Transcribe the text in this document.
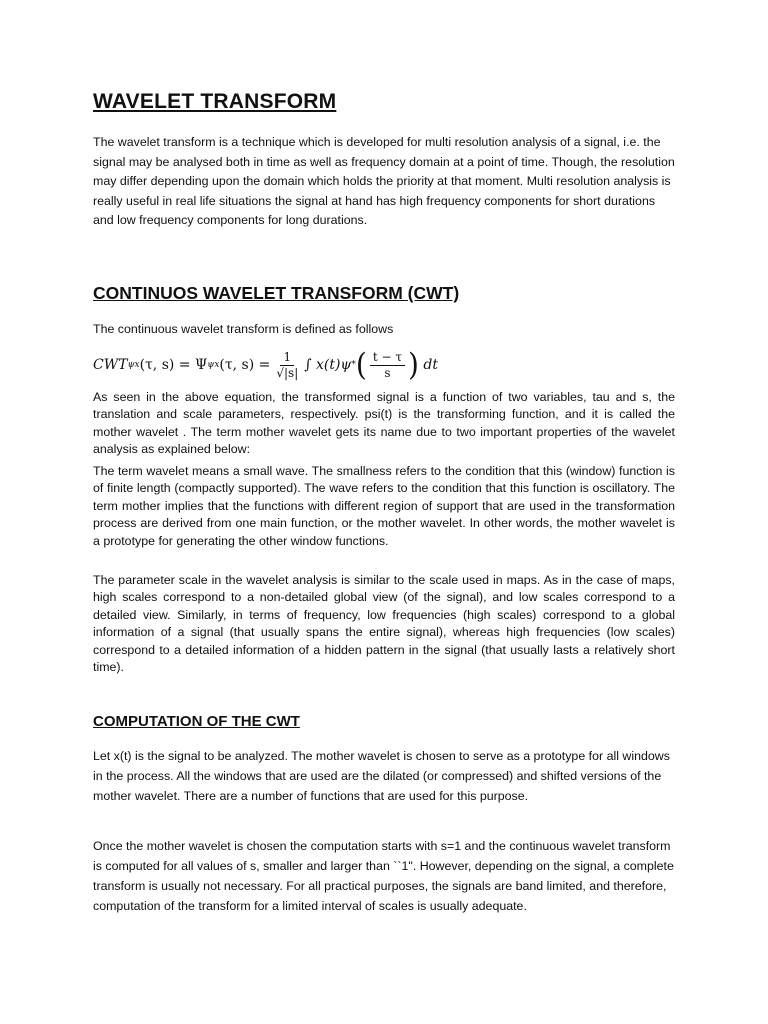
WAVELET TRANSFORM

The wavelet transform is a technique which is developed for multi resolution analysis of a signal, i.e. the signal may be analysed both in time as well as frequency domain at a point of time. Though, the resolution may differ depending upon the domain which holds the priority at that moment. Multi resolution analysis is really useful in real life situations the signal at hand has high frequency components for short durations and low frequency components for long durations.

CONTINUOS WAVELET TRANSFORM (CWT)

The continuous wavelet transform is defined as follows

CWT ψ x (τ, s) = Ψ ψ x (τ, $s) = \frac{1}{√|s|}$ ∫ x(t)ψ * ( $\frac{t - \tau}{s}$ )
dt

As seen in the above equation, the transformed signal is a function of two variables, tau and s, the translation and scale parameters, respectively. psi(t) is the transforming function, and it is called the mother wavelet . The term mother wavelet gets its name due to two important properties of the wavelet analysis as explained below:

The term wavelet means a small wave. The smallness refers to the condition that this (window) function is of finite length (compactly supported). The wave refers to the condition that this function is oscillatory. The term mother implies that the functions with different region of support that are used in the transformation process are derived from one main function, or the mother wavelet. In other words, the mother wavelet is a prototype for generating the other window functions.

The parameter scale in the wavelet analysis is similar to the scale used in maps. As in the case of maps, high scales correspond to a non-detailed global view (of the signal), and low scales correspond to a detailed view. Similarly, in terms of frequency, low frequencies (high scales) correspond to a global information of a signal (that usually spans the entire signal), whereas high frequencies (low scales) correspond to a detailed information of a hidden pattern in the signal (that usually lasts a relatively short time).

COMPUTATION OF THE CWT

Let x(t) is the signal to be analyzed. The mother wavelet is chosen to serve as a prototype for all windows in the process. All the windows that are used are the dilated (or compressed) and shifted versions of the mother wavelet. There are a number of functions that are used for this purpose.

Once the mother wavelet is chosen the computation starts with s=1 and the continuous wavelet transform is computed for all values of s, smaller and larger than ``1". However, depending on the signal, a complete transform is usually not necessary. For all practical purposes, the signals are band limited, and therefore, computation of the transform for a limited interval of scales is usually adequate.
